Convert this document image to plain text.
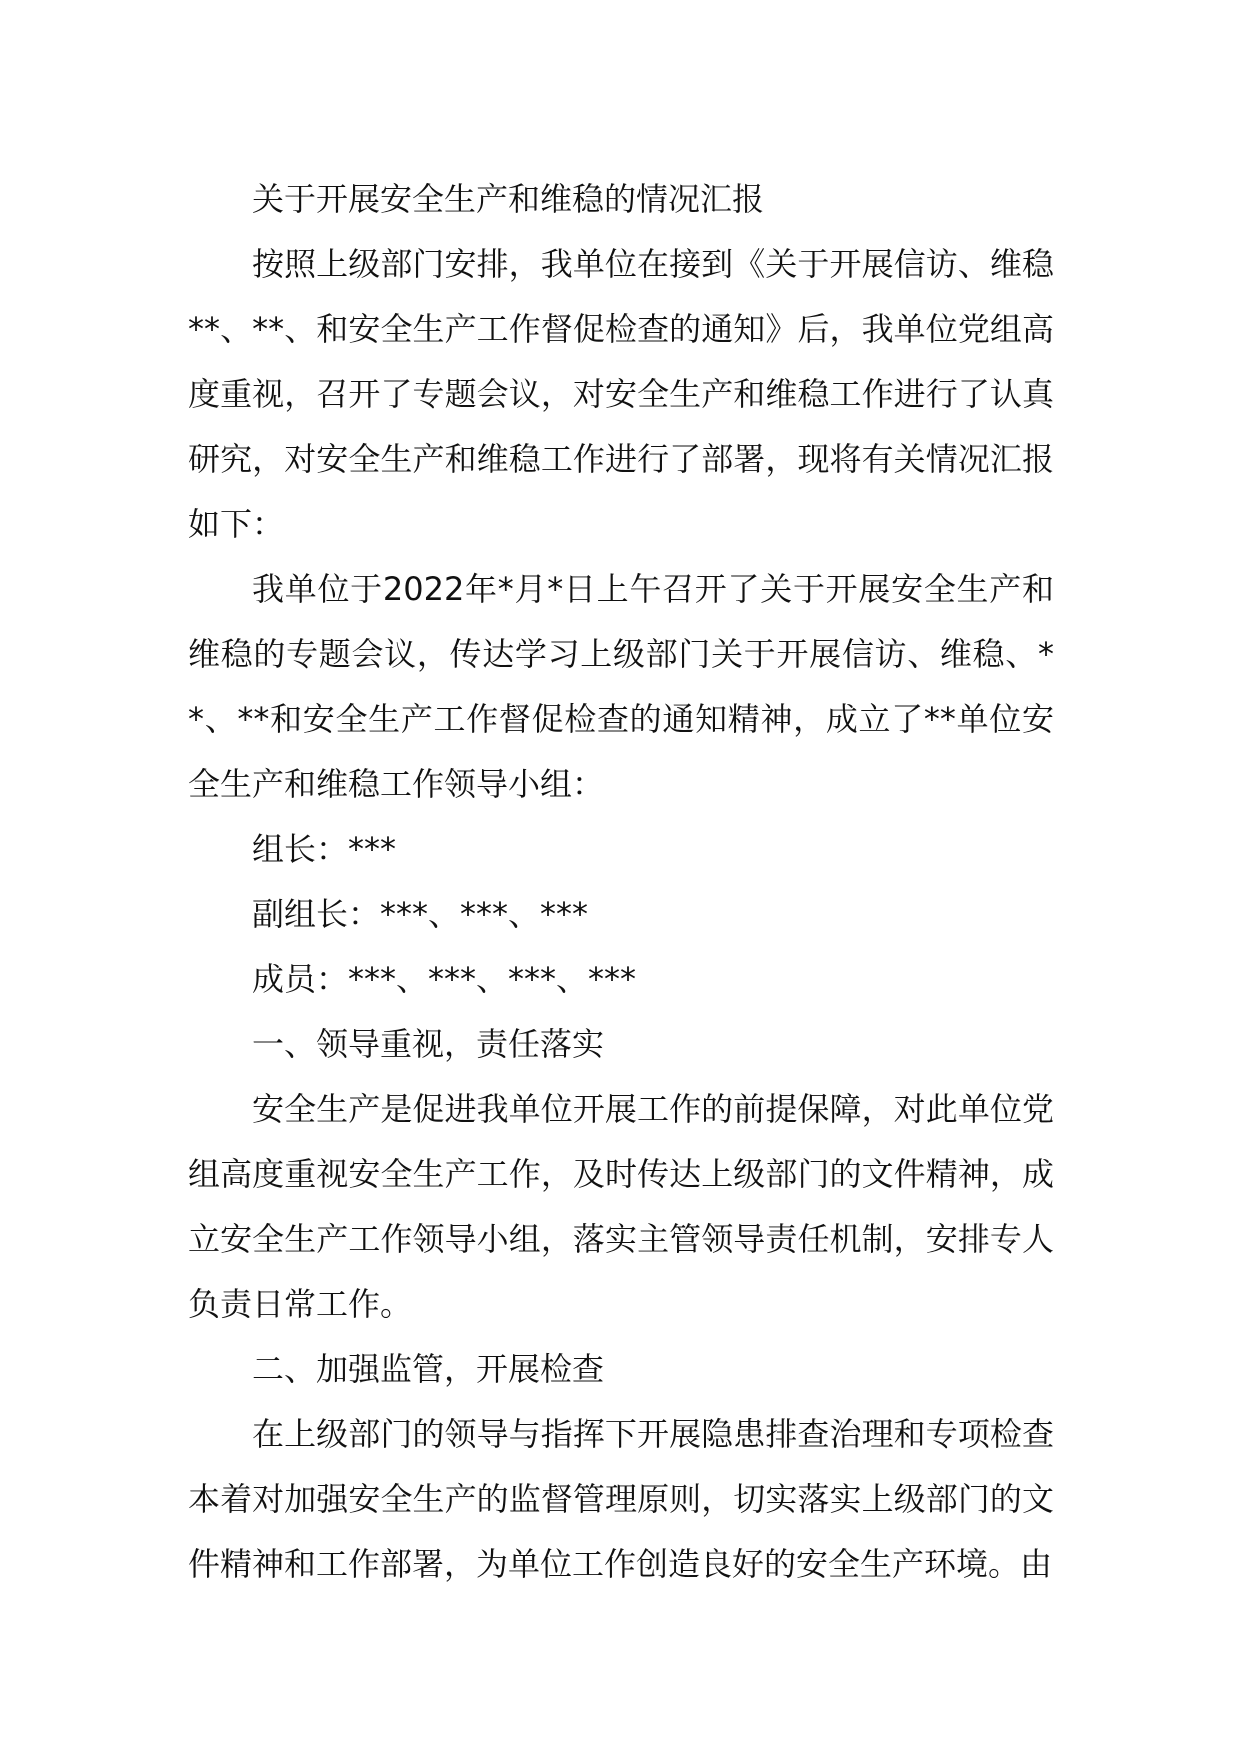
关于开展安全生产和维稳的情况汇报

按照上级部门安排，我单位在接到《关于开展信访、维稳**、**、和安全生产工作督促检查的通知》后，我单位党组高度重视，召开了专题会议，对安全生产和维稳工作进行了认真研究，对安全生产和维稳工作进行了部署，现将有关情况汇报如下：

我单位于2022年*月*日上午召开了关于开展安全生产和维稳的专题会议，传达学习上级部门关于开展信访、维稳、**、**和安全生产工作督促检查的通知精神，成立了**单位安全生产和维稳工作领导小组：

组长：***

副组长：***、***、***

成员：***、***、***、***

一、领导重视，责任落实

安全生产是促进我单位开展工作的前提保障，对此单位党组高度重视安全生产工作，及时传达上级部门的文件精神，成立安全生产工作领导小组，落实主管领导责任机制，安排专人负责日常工作。

二、加强监管，开展检查

在上级部门的领导与指挥下开展隐患排查治理和专项检查本着对加强安全生产的监督管理原则，切实落实上级部门的文件精神和工作部署，为单位工作创造良好的安全生产环境。由
